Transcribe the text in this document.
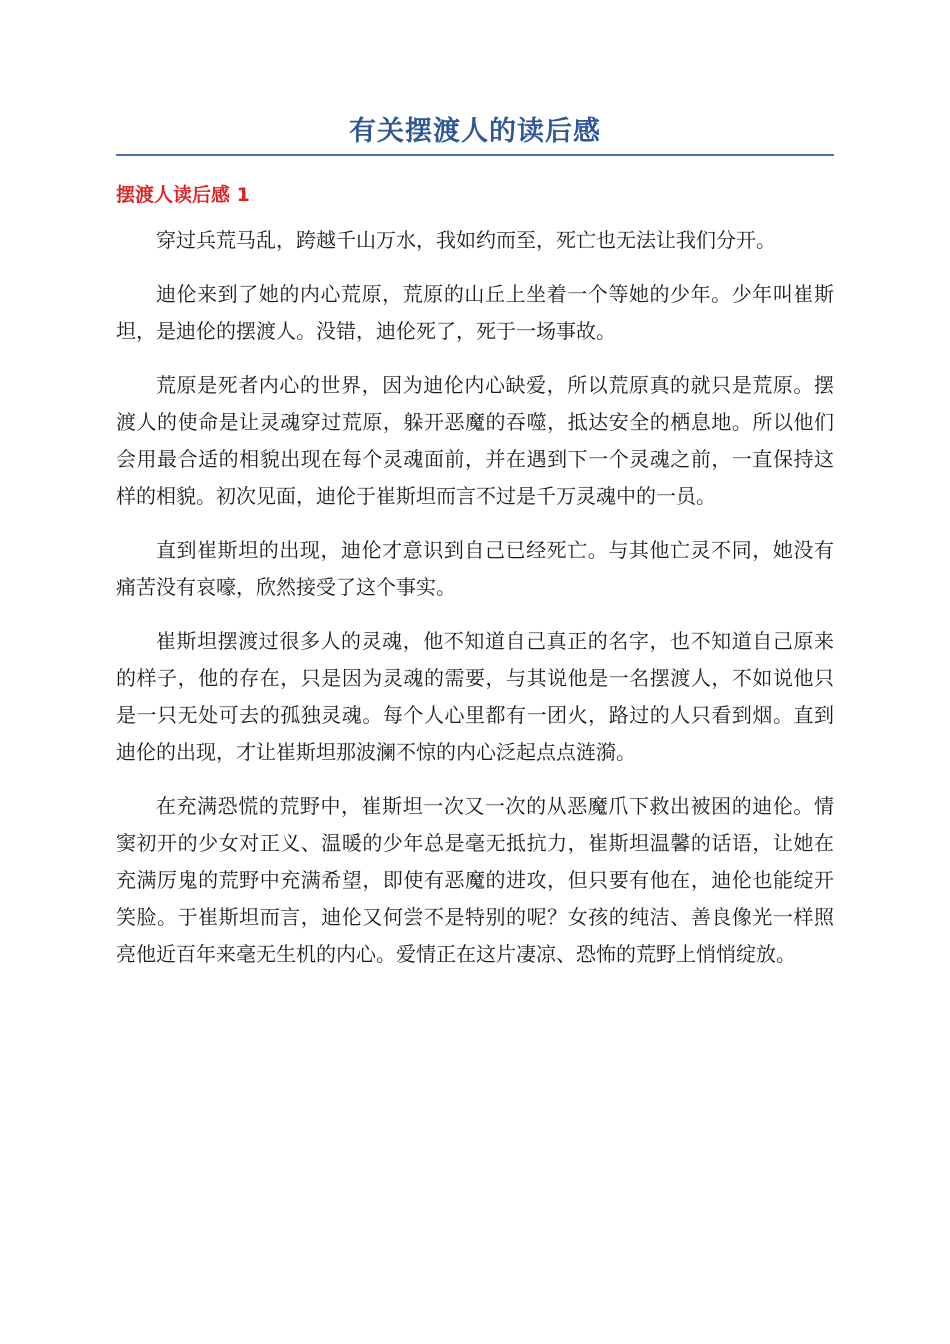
有关摆渡人的读后感
摆渡人读后感 1

穿过兵荒马乱，跨越千山万水，我如约而至，死亡也无法让我们分开。

迪伦来到了她的内心荒原，荒原的山丘上坐着一个等她的少年。少年叫崔斯坦，是迪伦的摆渡人。没错，迪伦死了，死于一场事故。

荒原是死者内心的世界，因为迪伦内心缺爱，所以荒原真的就只是荒原。摆渡人的使命是让灵魂穿过荒原，躲开恶魔的吞噬，抵达安全的栖息地。所以他们会用最合适的相貌出现在每个灵魂面前，并在遇到下一个灵魂之前，一直保持这样的相貌。初次见面，迪伦于崔斯坦而言不过是千万灵魂中的一员。

直到崔斯坦的出现，迪伦才意识到自己已经死亡。与其他亡灵不同，她没有痛苦没有哀嚎，欣然接受了这个事实。

崔斯坦摆渡过很多人的灵魂，他不知道自己真正的名字，也不知道自己原来的样子，他的存在，只是因为灵魂的需要，与其说他是一名摆渡人，不如说他只是一只无处可去的孤独灵魂。每个人心里都有一团火，路过的人只看到烟。直到迪伦的出现，才让崔斯坦那波澜不惊的内心泛起点点涟漪。

在充满恐慌的荒野中，崔斯坦一次又一次的从恶魔爪下救出被困的迪伦。情窦初开的少女对正义、温暖的少年总是毫无抵抗力，崔斯坦温馨的话语，让她在充满厉鬼的荒野中充满希望，即使有恶魔的进攻，但只要有他在，迪伦也能绽开笑脸。于崔斯坦而言，迪伦又何尝不是特别的呢？女孩的纯洁、善良像光一样照亮他近百年来毫无生机的内心。爱情正在这片凄凉、恐怖的荒野上悄悄绽放。
